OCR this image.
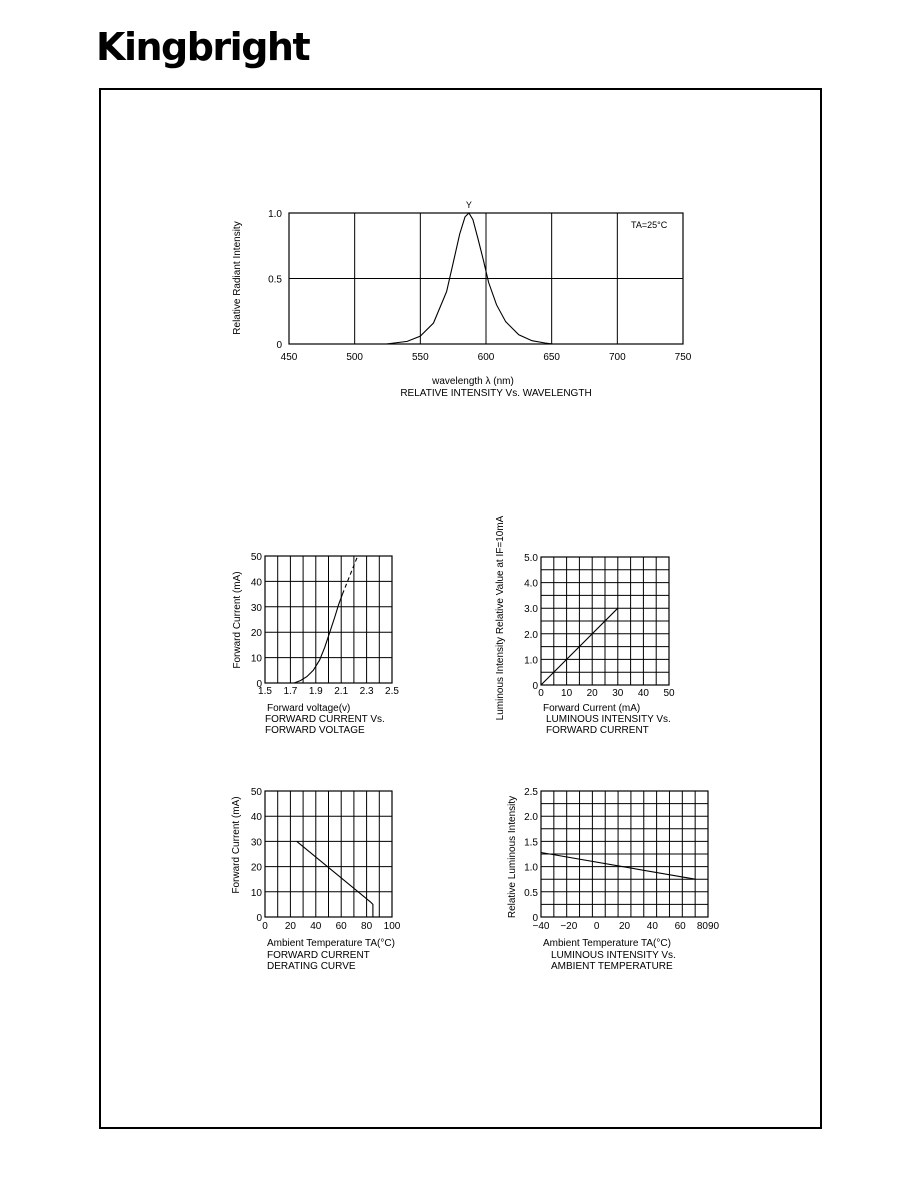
Kingbright
450	500	550	600	650	700	750
0
0.5
1.0
wavelength λ (nm)
Relative Radiant Intensity
RELATIVE INTENSITY Vs. WAVELENGTH
TA=25°C
Y
1.5 1.7 1.9 2.1 2.3 2.5
0
10
20
30
40
50
Forward voltage(v)
Forward Current (mA)
FORWARD CURRENT Vs.
FORWARD VOLTAGE
0 10 20 30 40 50
0
1.0
2.0
3.0
4.0
5.0
Forward Current (mA)
Luminous Intensity Relative Value at IF=10mA	LUMINOUS INTENSITY Vs.
FORWARD CURRENT
0 20 40 60 80 100
0
10
20
30
40
50
Ambient Temperature TA(°C)
Forward Current (mA)
FORWARD CURRENT
DERATING CURVE
−40 −20 0 20 40 60 8090
0
0.5
1.0
1.5
2.0
2.5
Ambient Temperature TA(°C)
Relative Luminous Intensity
LUMINOUS INTENSITY Vs.
AMBIENT TEMPERATURE
